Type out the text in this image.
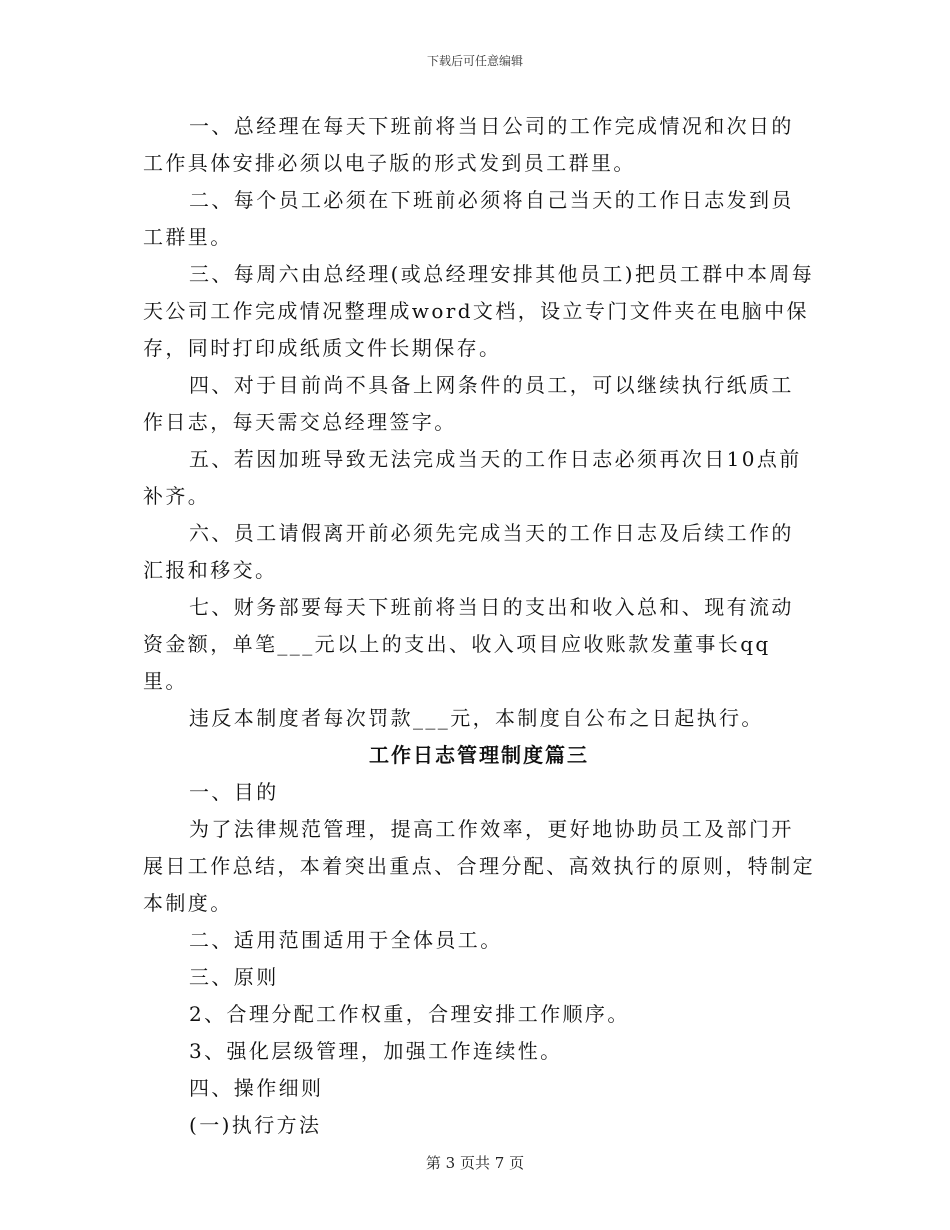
下载后可任意编辑

一、总经理在每天下班前将当日公司的工作完成情况和次日的工作具体安排必须以电子版的形式发到员工群里。

二、每个员工必须在下班前必须将自己当天的工作日志发到员工群里。

三、每周六由总经理(或总经理安排其他员工)把员工群中本周每天公司工作完成情况整理成word文档，设立专门文件夹在电脑中保存，同时打印成纸质文件长期保存。

四、对于目前尚不具备上网条件的员工，可以继续执行纸质工作日志，每天需交总经理签字。

五、若因加班导致无法完成当天的工作日志必须再次日10点前补齐。

六、员工请假离开前必须先完成当天的工作日志及后续工作的汇报和移交。

七、财务部要每天下班前将当日的支出和收入总和、现有流动资金额，单笔___元以上的支出、收入项目应收账款发董事长qq里。

违反本制度者每次罚款___元，本制度自公布之日起执行。

工作日志管理制度篇三

一、目的

为了法律规范管理，提高工作效率，更好地协助员工及部门开展日工作总结，本着突出重点、合理分配、高效执行的原则，特制定本制度。

二、适用范围适用于全体员工。

三、原则

2、合理分配工作权重，合理安排工作顺序。

3、强化层级管理，加强工作连续性。

四、操作细则

(一)执行方法

第 3 页共 7 页
